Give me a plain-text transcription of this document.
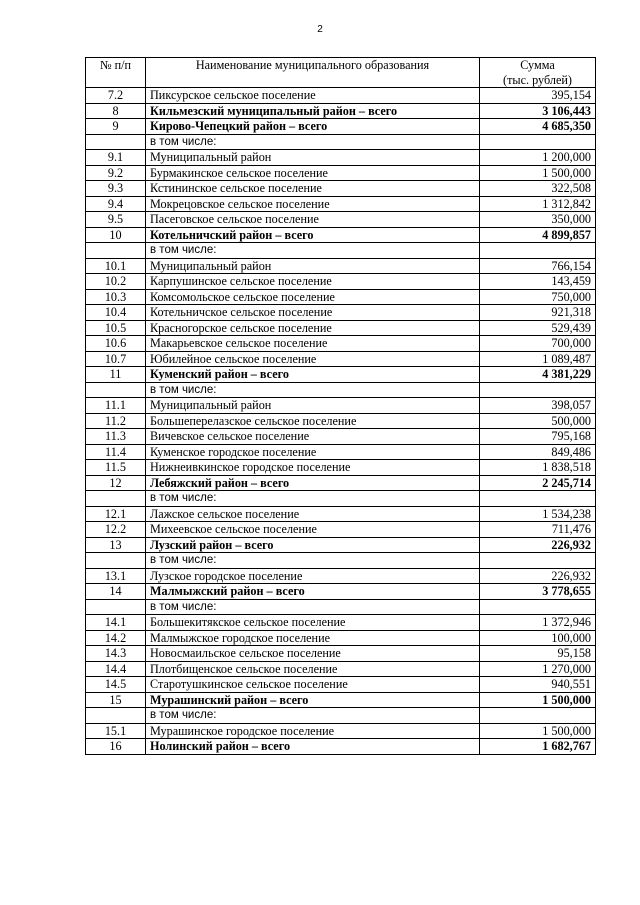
2
№ п/п	Наименование муниципального образования	Сумма
(тыс. рублей)
7.2	Пиксурское сельское поселение	395,154
8	Кильмезский муниципальный район – всего	3 106,443
9	Кирово-Чепецкий район – всего	4 685,350
	в том числе:	
9.1	Муниципальный район	1 200,000
9.2	Бурмакинское сельское поселение	1 500,000
9.3	Кстининское сельское поселение	322,508
9.4	Мокрецовское сельское поселение	1 312,842
9.5	Пасеговское сельское поселение	350,000
10	Котельничский район – всего	4 899,857
	в том числе:	
10.1	Муниципальный район	766,154
10.2	Карпушинское сельское поселение	143,459
10.3	Комсомольское сельское поселение	750,000
10.4	Котельничское сельское поселение	921,318
10.5	Красногорское сельское поселение	529,439
10.6	Макарьевское сельское поселение	700,000
10.7	Юбилейное сельское поселение	1 089,487
11	Куменский район – всего	4 381,229
	в том числе:	
11.1	Муниципальный район	398,057
11.2	Большеперелазское сельское поселение	500,000
11.3	Вичевское сельское поселение	795,168
11.4	Куменское городское поселение	849,486
11.5	Нижнеивкинское городское поселение	1 838,518
12	Лебяжский район – всего	2 245,714
	в том числе:	
12.1	Лажское сельское поселение	1 534,238
12.2	Михеевское сельское поселение	711,476
13	Лузский район – всего	226,932
	в том числе:	
13.1	Лузское городское поселение	226,932
14	Малмыжский район – всего	3 778,655
	в том числе:	
14.1	Большекитякское сельское поселение	1 372,946
14.2	Малмыжское городское поселение	100,000
14.3	Новосмаильское сельское поселение	95,158
14.4	Плотбищенское сельское поселение	1 270,000
14.5	Старотушкинское сельское поселение	940,551
15	Мурашинский район – всего	1 500,000
	в том числе:	
15.1	Мурашинское городское поселение	1 500,000
16	Нолинский район – всего	1 682,767
